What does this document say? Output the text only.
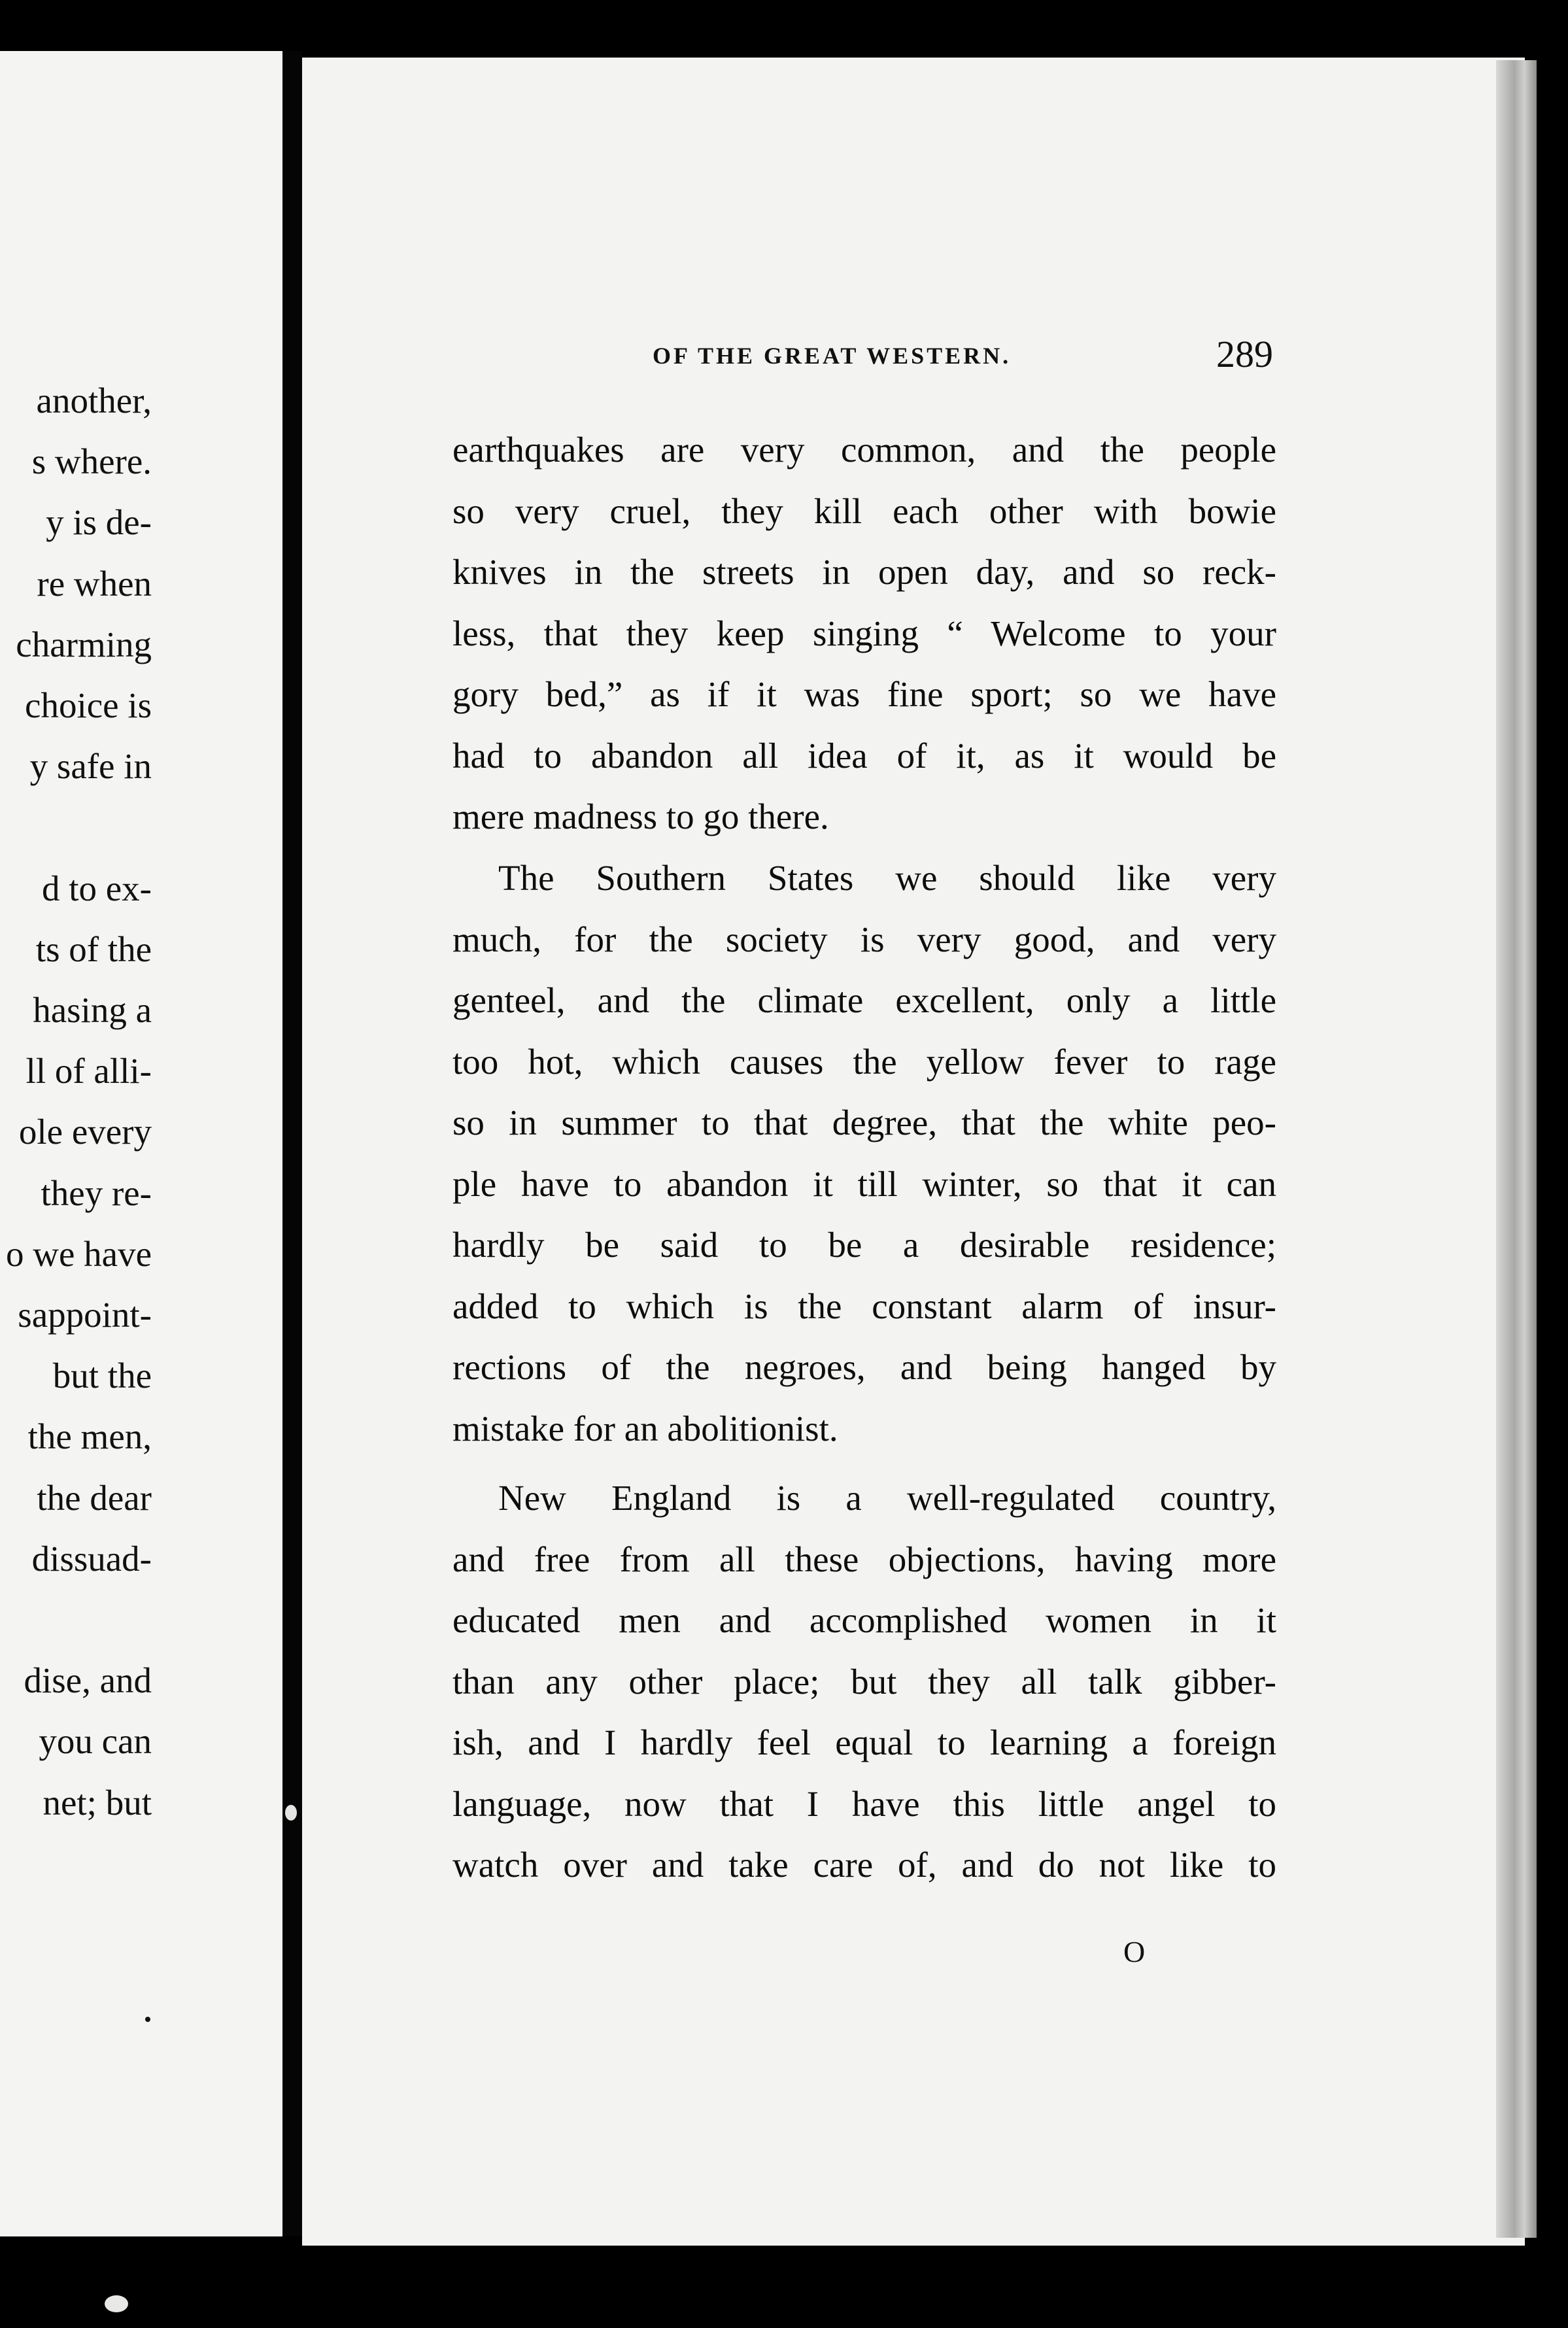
another,
s where.
y is de-
re when
charming
choice is
y safe in
d to ex-
ts of the
hasing a
ll of alli-
ole every
they re-
o we have
sappoint-
but the
the men,
the dear
dissuad-
dise, and
you can
net; but
OF THE GREAT WESTERN.	289
earthquakes are very common, and the people
so very cruel, they kill each other with bowie
knives in the streets in open day, and so reck-
less, that they keep singing “ Welcome to your
gory bed,” as if it was fine sport; so we have
had to abandon all idea of it, as it would be
mere madness to go there.
The Southern States we should like very
much, for the society is very good, and very
genteel, and the climate excellent, only a little
too hot, which causes the yellow fever to rage
so in summer to that degree, that the white peo-
ple have to abandon it till winter, so that it can
hardly be said to be a desirable residence;
added to which is the constant alarm of insur-
rections of the negroes, and being hanged by
mistake for an abolitionist.
New England is a well-regulated country,
and free from all these objections, having more
educated men and accomplished women in it
than any other place; but they all talk gibber-
ish, and I hardly feel equal to learning a foreign
language, now that I have this little angel to
watch over and take care of, and do not like to
O
